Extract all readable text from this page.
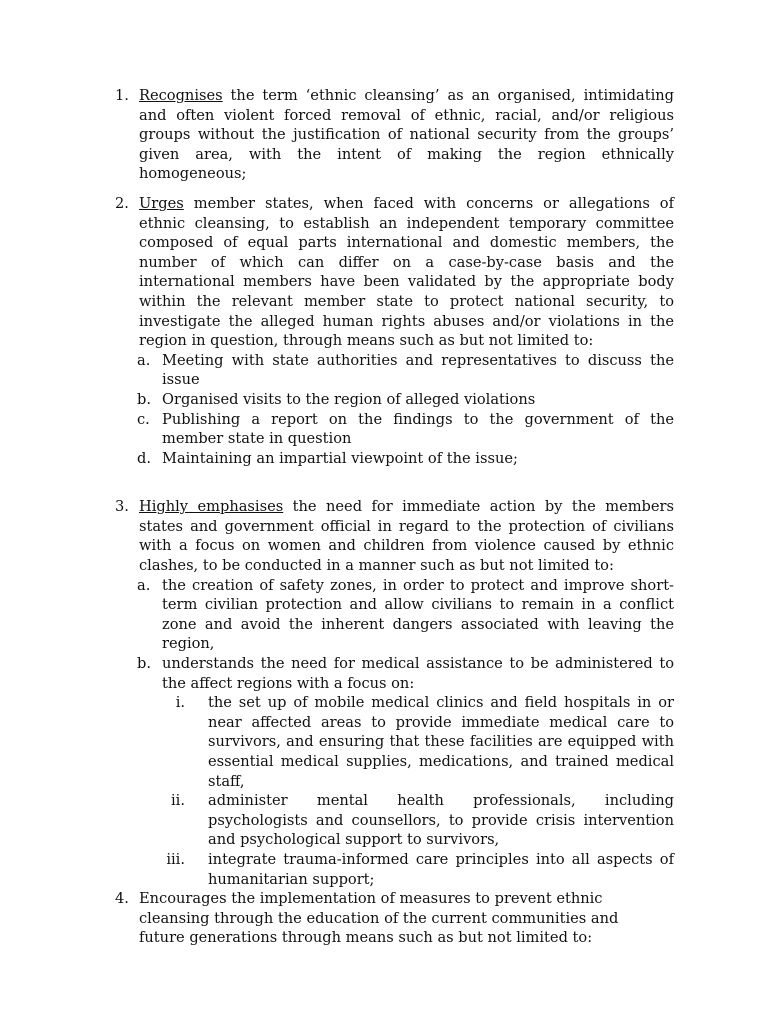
1. Recognises the term ‘ethnic cleansing’ as an organised, intimidating and often violent forced removal of ethnic, racial, and/or religious groups without the justification of national security from the groups’ given area, with the intent of making the region ethnically homogeneous;
2. Urges member states, when faced with concerns or allegations of ethnic cleansing, to establish an independent temporary committee composed of equal parts international and domestic members, the number of which can differ on a case-by-case basis and the international members have been validated by the appropriate body within the relevant member state to protect national security, to investigate the alleged human rights abuses and/or violations in the region in question, through means such as but not limited to:
a. Meeting with state authorities and representatives to discuss the issue
b. Organised visits to the region of alleged violations
c. Publishing a report on the findings to the government of the member state in question
d. Maintaining an impartial viewpoint of the issue;
3. Highly emphasises the need for immediate action by the members states and government official in regard to the protection of civilians with a focus on women and children from violence caused by ethnic clashes, to be conducted in a manner such as but not limited to:
a. the creation of safety zones, in order to protect and improve short-term civilian protection and allow civilians to remain in a conflict zone and avoid the inherent dangers associated with leaving the region,
b. understands the need for medical assistance to be administered to the affect regions with a focus on:
i. the set up of mobile medical clinics and field hospitals in or near affected areas to provide immediate medical care to survivors, and ensuring that these facilities are equipped with essential medical supplies, medications, and trained medical staff,
ii. administer mental health professionals, including psychologists and counsellors, to provide crisis intervention and psychological support to survivors,
iii. integrate trauma-informed care principles into all aspects of humanitarian support;
4. Encourages the implementation of measures to prevent ethnic cleansing through the education of the current communities and future generations through means such as but not limited to:
